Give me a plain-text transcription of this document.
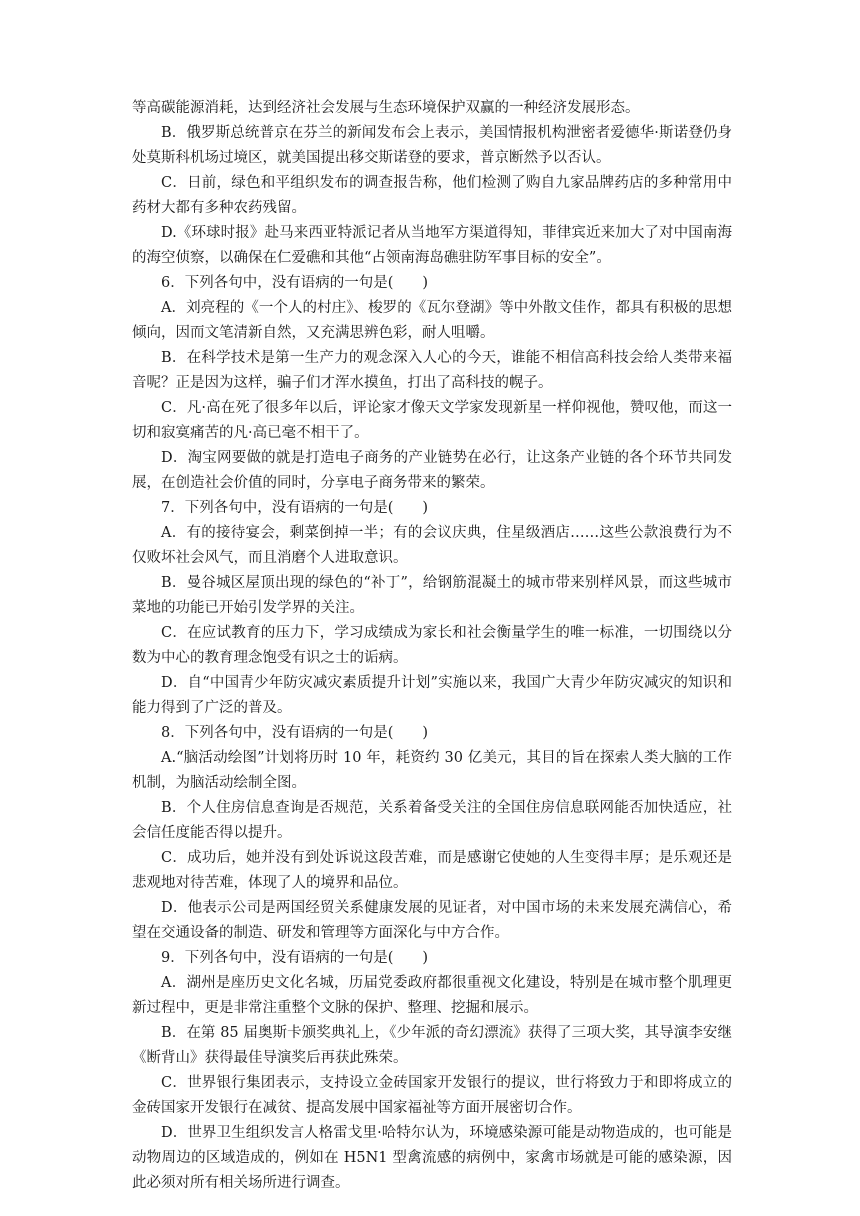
等高碳能源消耗，达到经济社会发展与生态环境保护双赢的一种经济发展形态。

B．俄罗斯总统普京在芬兰的新闻发布会上表示，美国情报机构泄密者爱德华·斯诺登仍身处莫斯科机场过境区，就美国提出移交斯诺登的要求，普京断然予以否认。

C．日前，绿色和平组织发布的调查报告称，他们检测了购自九家品牌药店的多种常用中药材大都有多种农药残留。

D.《环球时报》赴马来西亚特派记者从当地军方渠道得知，菲律宾近来加大了对中国南海的海空侦察，以确保在仁爱礁和其他“占领南海岛礁驻防军事目标的安全”。

6．下列各句中，没有语病的一句是(　　)

A．刘亮程的《一个人的村庄》、梭罗的《瓦尔登湖》等中外散文佳作，都具有积极的思想倾向，因而文笔清新自然，又充满思辨色彩，耐人咀嚼。

B．在科学技术是第一生产力的观念深入人心的今天，谁能不相信高科技会给人类带来福音呢？正是因为这样，骗子们才浑水摸鱼，打出了高科技的幌子。

C．凡·高在死了很多年以后，评论家才像天文学家发现新星一样仰视他，赞叹他，而这一切和寂寞痛苦的凡·高已毫不相干了。

D．淘宝网要做的就是打造电子商务的产业链势在必行，让这条产业链的各个环节共同发展，在创造社会价值的同时，分享电子商务带来的繁荣。

7．下列各句中，没有语病的一句是(　　)

A．有的接待宴会，剩菜倒掉一半；有的会议庆典，住星级酒店……这些公款浪费行为不仅败坏社会风气，而且消磨个人进取意识。

B．曼谷城区屋顶出现的绿色的“补丁”，给钢筋混凝土的城市带来别样风景，而这些城市菜地的功能已开始引发学界的关注。

C．在应试教育的压力下，学习成绩成为家长和社会衡量学生的唯一标准，一切围绕以分数为中心的教育理念饱受有识之士的诟病。

D．自“中国青少年防灾减灾素质提升计划”实施以来，我国广大青少年防灾减灾的知识和能力得到了广泛的普及。

8．下列各句中，没有语病的一句是(　　)

A.“脑活动绘图”计划将历时 10 年，耗资约 30 亿美元，其目的旨在探索人类大脑的工作机制，为脑活动绘制全图。

B．个人住房信息查询是否规范，关系着备受关注的全国住房信息联网能否加快适应，社会信任度能否得以提升。

C．成功后，她并没有到处诉说这段苦难，而是感谢它使她的人生变得丰厚；是乐观还是悲观地对待苦难，体现了人的境界和品位。

D．他表示公司是两国经贸关系健康发展的见证者，对中国市场的未来发展充满信心，希望在交通设备的制造、研发和管理等方面深化与中方合作。

9．下列各句中，没有语病的一句是(　　)

A．湖州是座历史文化名城，历届党委政府都很重视文化建设，特别是在城市整个肌理更新过程中，更是非常注重整个文脉的保护、整理、挖掘和展示。

B．在第 85 届奥斯卡颁奖典礼上，《少年派的奇幻漂流》获得了三项大奖，其导演李安继《断背山》获得最佳导演奖后再获此殊荣。

C．世界银行集团表示，支持设立金砖国家开发银行的提议，世行将致力于和即将成立的金砖国家开发银行在减贫、提高发展中国家福祉等方面开展密切合作。

D．世界卫生组织发言人格雷戈里·哈特尔认为，环境感染源可能是动物造成的，也可能是动物周边的区域造成的，例如在 H5N1 型禽流感的病例中，家禽市场就是可能的感染源，因此必须对所有相关场所进行调查。
